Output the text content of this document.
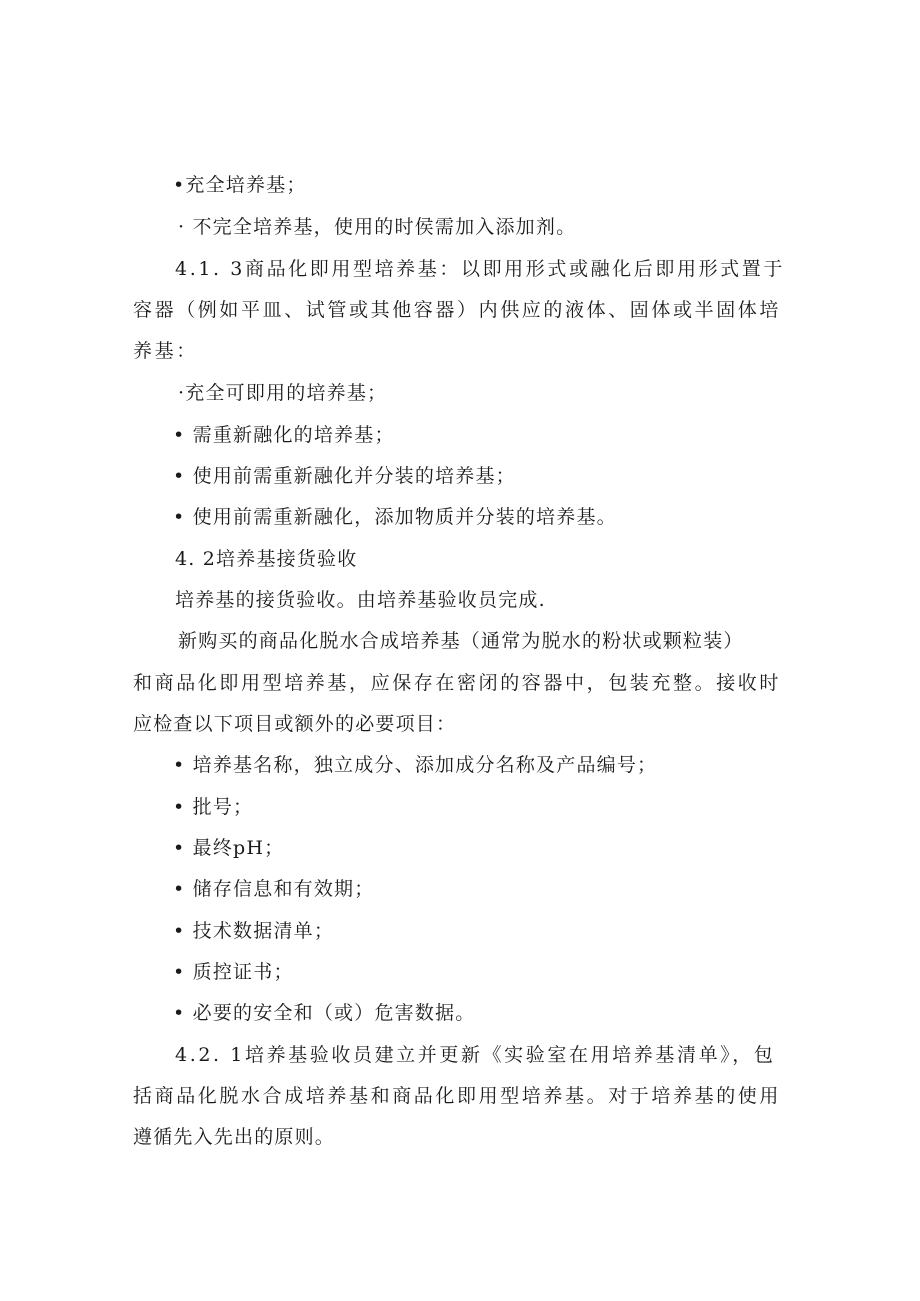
•充全培养基；
· 不完全培养基，使用的时侯需加入添加剂。
4.1. 3商品化即用型培养基：以即用形式或融化后即用形式置于
容器（例如平皿、试管或其他容器）内供应的液体、固体或半固体培
养基：
·充全可即用的培养基；
• 需重新融化的培养基；
• 使用前需重新融化并分装的培养基；
• 使用前需重新融化，添加物质并分装的培养基。
4. 2培养基接货验收
培养基的接货验收。由培养基验收员完成.
新购买的商品化脱水合成培养基（通常为脱水的粉状或颗粒装）
和商品化即用型培养基，应保存在密闭的容器中，包装充整。接收时
应检查以下项目或额外的必要项目：
• 培养基名称，独立成分、添加成分名称及产品编号；
• 批号；
• 最终pH；
• 储存信息和有效期；
• 技术数据清单；
• 质控证书；
• 必要的安全和（或）危害数据。
4.2. 1培养基验收员建立并更新《实验室在用培养基清单》，包
括商品化脱水合成培养基和商品化即用型培养基。对于培养基的使用
遵循先入先出的原则。
